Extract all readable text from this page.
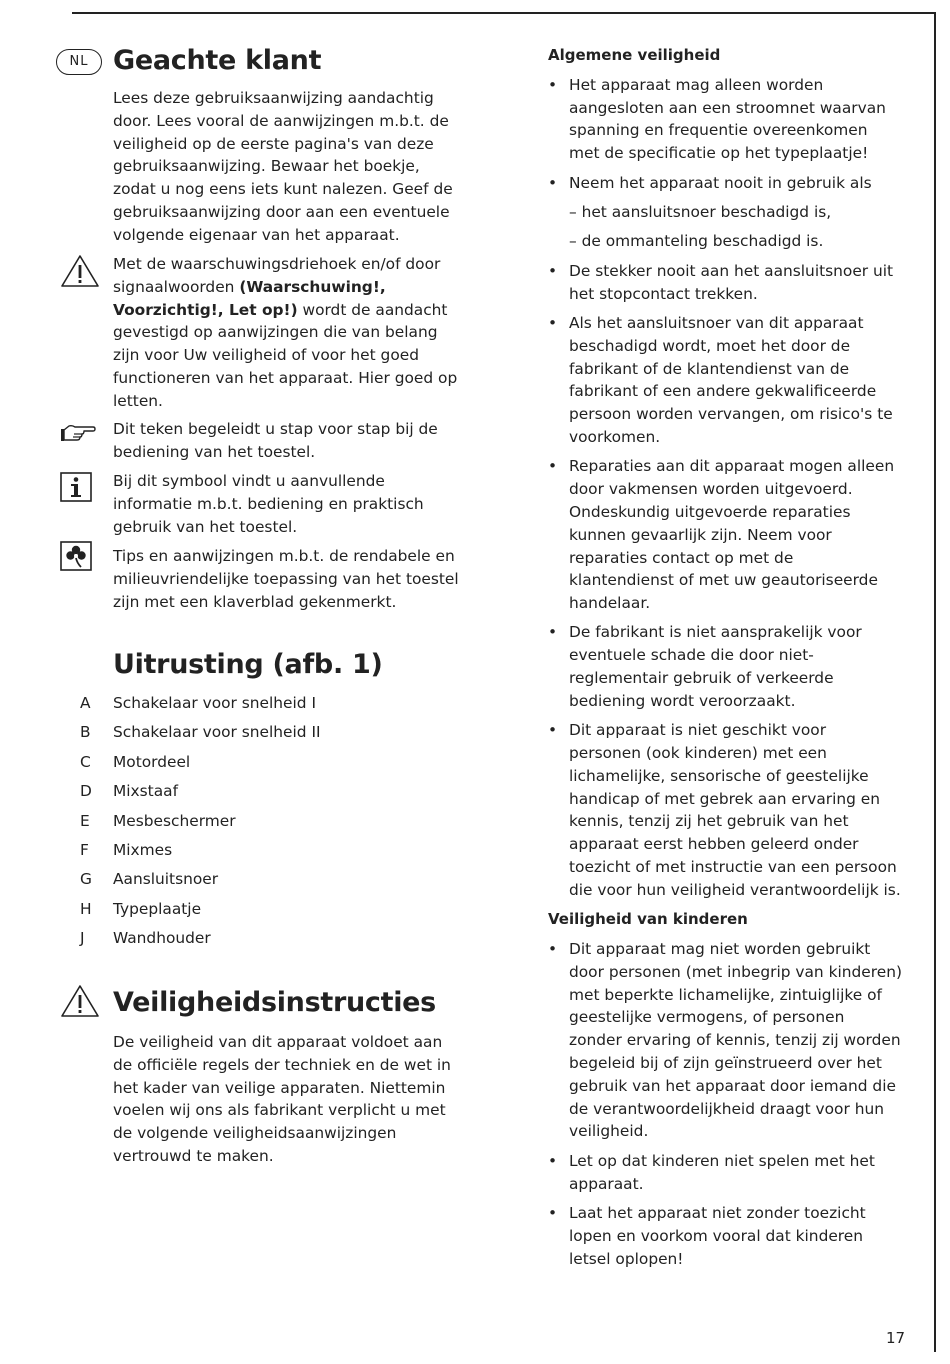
NL Geachte klant

Lees deze gebruiksaanwijzing aandachtig door. Lees vooral de aanwijzingen m.b.t. de veiligheid op de eerste pagina's van deze gebruiksaanwijzing. Bewaar het boekje, zodat u nog eens iets kunt nalezen. Geef de gebruiksaanwijzing door aan een eventuele volgende eigenaar van het apparaat.

Met de waarschuwingsdriehoek en/of door signaalwoorden (Waarschuwing!, Voorzichtig!, Let op!) wordt de aandacht gevestigd op aanwijzingen die van belang zijn voor Uw veiligheid of voor het goed functioneren van het apparaat. Hier goed op letten.

Dit teken begeleidt u stap voor stap bij de bediening van het toestel.

Bij dit symbool vindt u aanvullende informatie m.b.t. bediening en praktisch gebruik van het toestel.

Tips en aanwijzingen m.b.t. de rendabele en milieuvriendelijke toepassing van het toestel zijn met een klaverblad gekenmerkt.

Uitrusting (afb. 1)
A Schakelaar voor snelheid I
B Schakelaar voor snelheid II
C Motordeel
D Mixstaaf
E Mesbeschermer
F Mixmes
G Aansluitsnoer
H Typeplaatje
J Wandhouder
Veiligheidsinstructies

De veiligheid van dit apparaat voldoet aan de officiële regels der techniek en de wet in het kader van veilige apparaten. Niettemin voelen wij ons als fabrikant verplicht u met de volgende veiligheidsaanwijzingen vertrouwd te maken.

Algemene veiligheid

• Het apparaat mag alleen worden aangesloten aan een stroomnet waarvan spanning en frequentie overeenkomen met de specificatie op het typeplaatje!
• Neem het apparaat nooit in gebruik als
– het aansluitsnoer beschadigd is,
– de ommanteling beschadigd is.
• De stekker nooit aan het aansluitsnoer uit het stopcontact trekken.
• Als het aansluitsnoer van dit apparaat beschadigd wordt, moet het door de fabrikant of de klantendienst van de fabrikant of een andere gekwalificeerde persoon worden vervangen, om risico's te voorkomen.
• Reparaties aan dit apparaat mogen alleen door vakmensen worden uitgevoerd. Ondeskundig uitgevoerde reparaties kunnen gevaarlijk zijn. Neem voor reparaties contact op met de klantendienst of met uw geautoriseerde handelaar.
• De fabrikant is niet aansprakelijk voor eventuele schade die door niet-reglementair gebruik of verkeerde bediening wordt veroorzaakt.
• Dit apparaat is niet geschikt voor personen (ook kinderen) met een lichamelijke, sensorische of geestelijke handicap of met gebrek aan ervaring en kennis, tenzij zij het gebruik van het apparaat eerst hebben geleerd onder toezicht of met instructie van een persoon die voor hun veiligheid verantwoordelijk is.

Veiligheid van kinderen

• Dit apparaat mag niet worden gebruikt door personen (met inbegrip van kinderen) met beperkte lichamelijke, zintuiglijke of geestelijke vermogens, of personen zonder ervaring of kennis, tenzij zij worden begeleid bij of zijn geïnstrueerd over het gebruik van het apparaat door iemand die de verantwoordelijkheid draagt voor hun veiligheid.
• Let op dat kinderen niet spelen met het apparaat.
• Laat het apparaat niet zonder toezicht lopen en voorkom vooral dat kinderen letsel oplopen!
17
